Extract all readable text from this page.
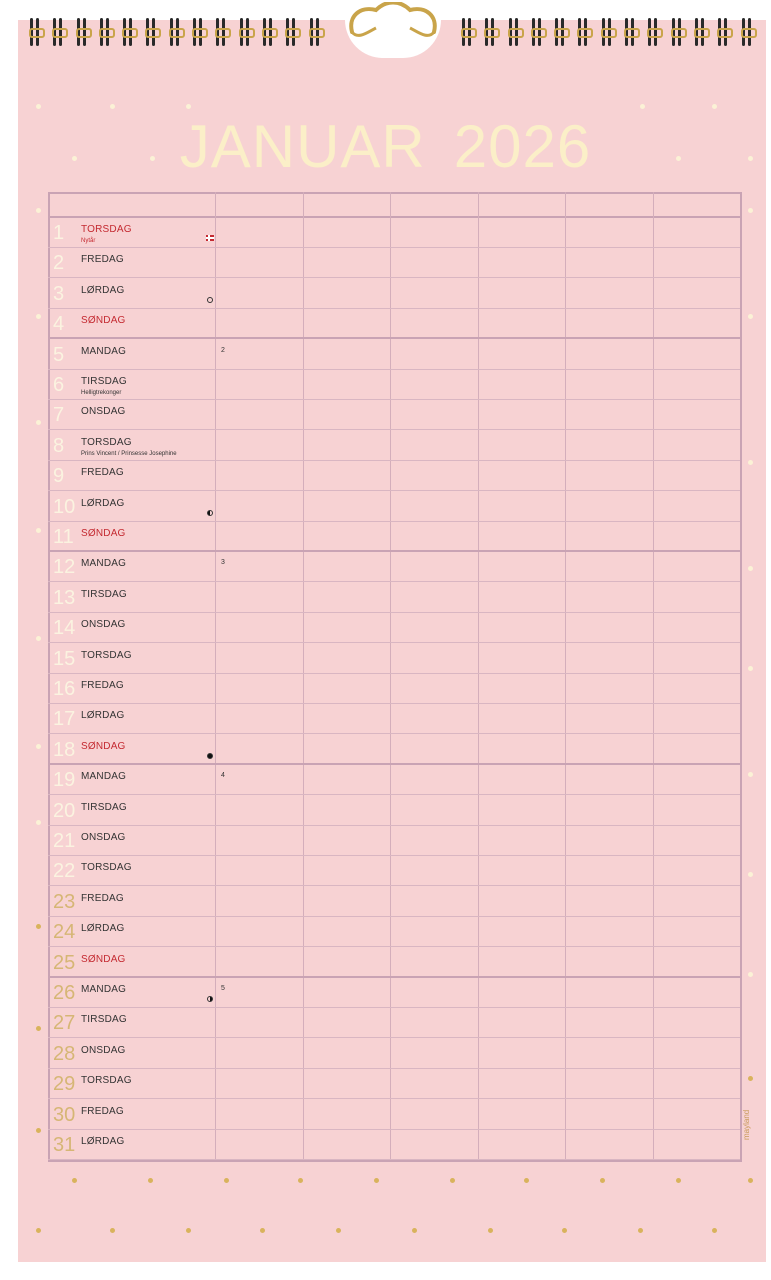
JANUAR 2026
1	TORSDAG
Nytår
2	FREDAG
3	LØRDAG
4	SØNDAG
5	MANDAG	2
6	TIRSDAG
Helligtrekonger
7	ONSDAG
8	TORSDAG
Prins Vincent / Prinsesse Josephine
9	FREDAG
10 LØRDAG
11 SØNDAG
12 MANDAG	3
13 TIRSDAG
14 ONSDAG
15 TORSDAG
16 FREDAG
17 LØRDAG
18 SØNDAG
19 MANDAG	4
20 TIRSDAG
21 ONSDAG
22 TORSDAG
23 FREDAG
24 LØRDAG
25 SØNDAG
26 MANDAG	5
27 TIRSDAG
28 ONSDAG
29 TORSDAG
30 FREDAG
31 LØRDAG
mayland
